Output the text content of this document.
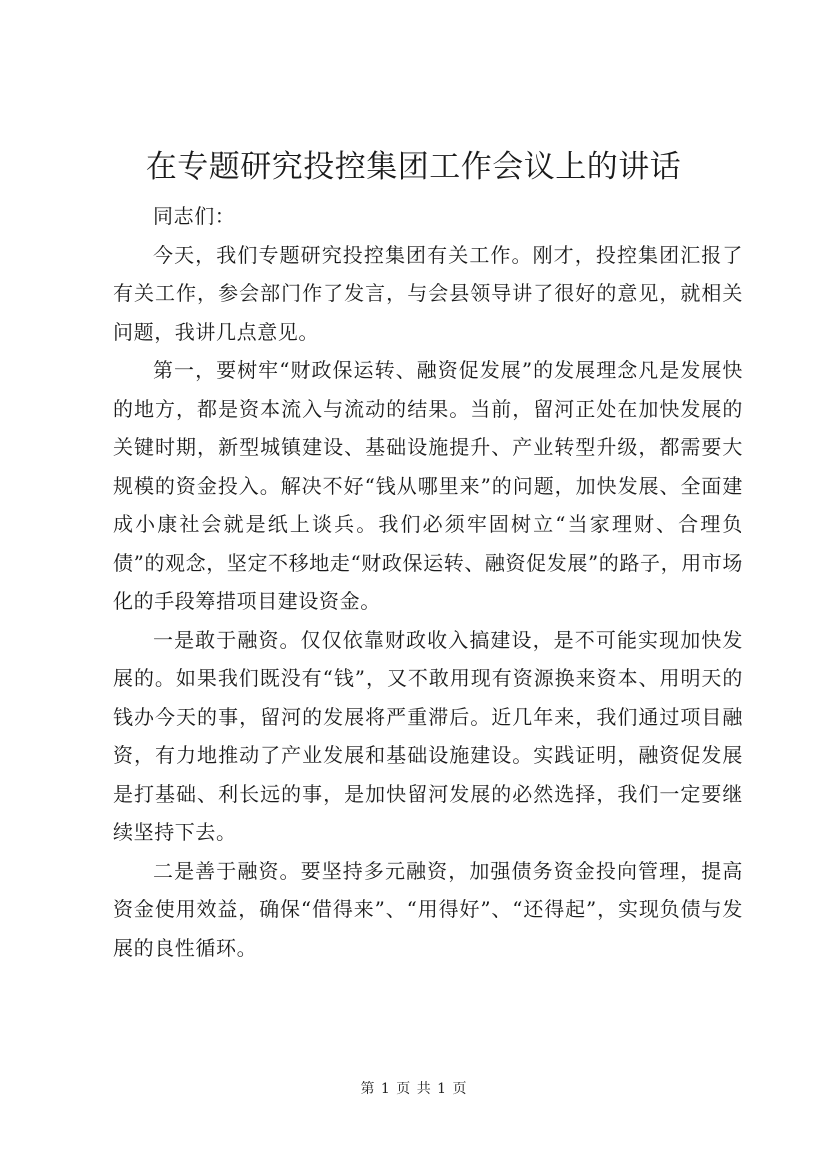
在专题研究投控集团工作会议上的讲话

同志们：

今天，我们专题研究投控集团有关工作。刚才，投控集团汇报了有关工作，参会部门作了发言，与会县领导讲了很好的意见，就相关问题，我讲几点意见。

第一，要树牢“财政保运转、融资促发展”的发展理念凡是发展快的地方，都是资本流入与流动的结果。当前，留河正处在加快发展的关键时期，新型城镇建设、基础设施提升、产业转型升级，都需要大规模的资金投入。解决不好“钱从哪里来”的问题，加快发展、全面建成小康社会就是纸上谈兵。我们必须牢固树立“当家理财、合理负债”的观念，坚定不移地走“财政保运转、融资促发展”的路子，用市场化的手段筹措项目建设资金。

一是敢于融资。仅仅依靠财政收入搞建设，是不可能实现加快发展的。如果我们既没有“钱”，又不敢用现有资源换来资本、用明天的钱办今天的事，留河的发展将严重滞后。近几年来，我们通过项目融资，有力地推动了产业发展和基础设施建设。实践证明，融资促发展是打基础、利长远的事，是加快留河发展的必然选择，我们一定要继续坚持下去。

二是善于融资。要坚持多元融资，加强债务资金投向管理，提高资金使用效益，确保“借得来”、“用得好”、“还得起”，实现负债与发展的良性循环。

第 1 页 共 1 页
